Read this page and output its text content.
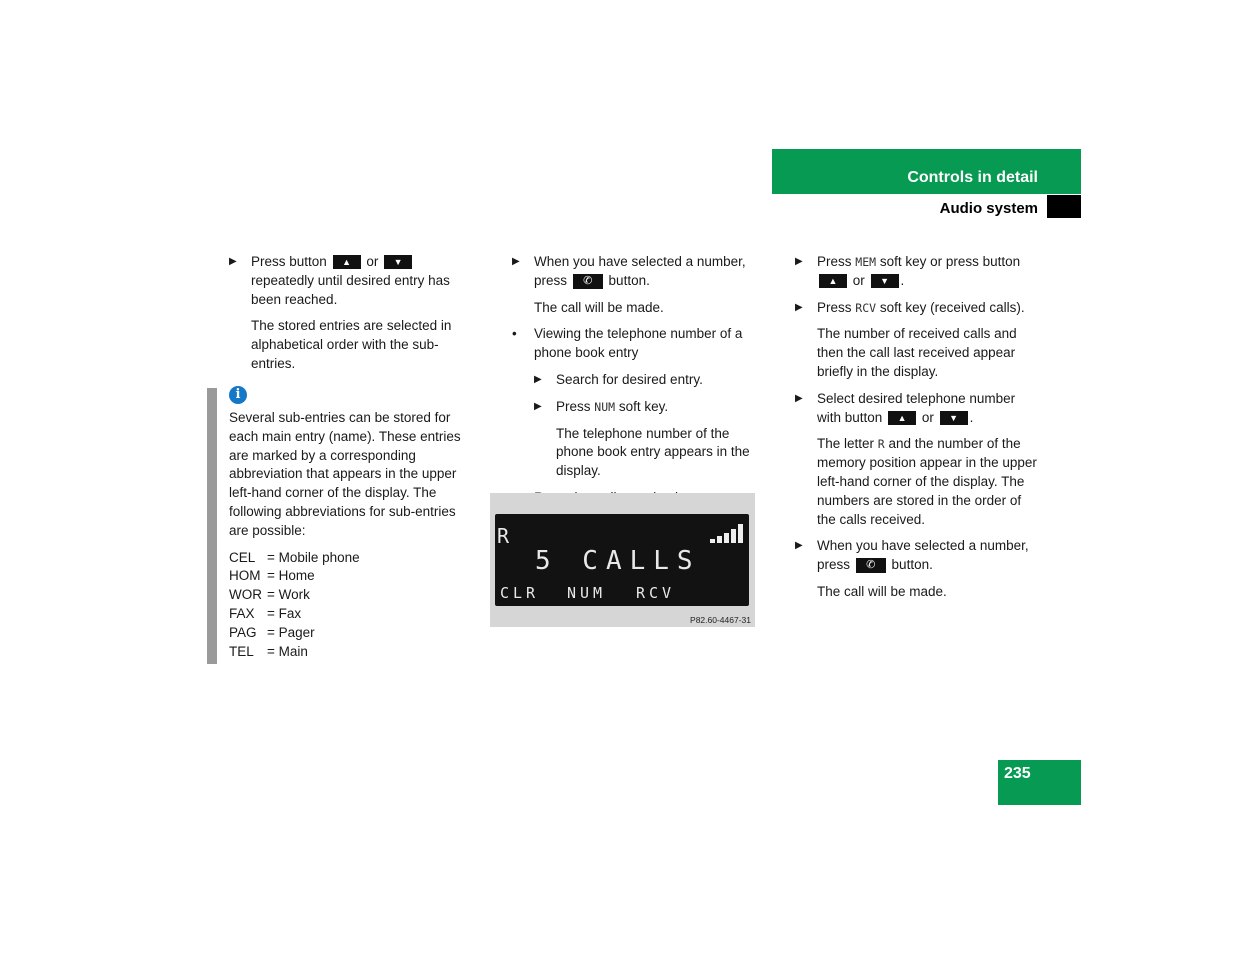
Controls in detail
Audio system

▶ Press button ▲ or ▼ repeatedly until desired entry has been reached.

The stored entries are selected in alphabetical order with the sub-entries.

i
Several sub-entries can be stored for each main entry (name). These entries are marked by a corresponding abbreviation that appears in the upper left-hand corner of the display. The following abbreviations for sub-entries are possible:
CEL = Mobile phone
HOM = Home
WOR = Work
FAX = Fax
PAG = Pager
TEL = Main

▶ When you have selected a number, press ✆ button.

The call will be made.

• Viewing the telephone number of a phone book entry

▶ Search for desired entry.

▶ Press NUM soft key.

The telephone number of the phone book entry appears in the display.

R
5 CALLS
CLR NUM RCV
P82.60-4467-31

▶ Press MEM soft key or press button ▲ or ▼ .

▶ Press RCV soft key (received calls).

The number of received calls and then the call last received appear briefly in the display.

▶ Select desired telephone number with button ▲ or ▼ .

The letter R and the number of the memory position appear in the upper left-hand corner of the display. The numbers are stored in the order of the calls received.

▶ When you have selected a number, press ✆ button.

The call will be made.

235
